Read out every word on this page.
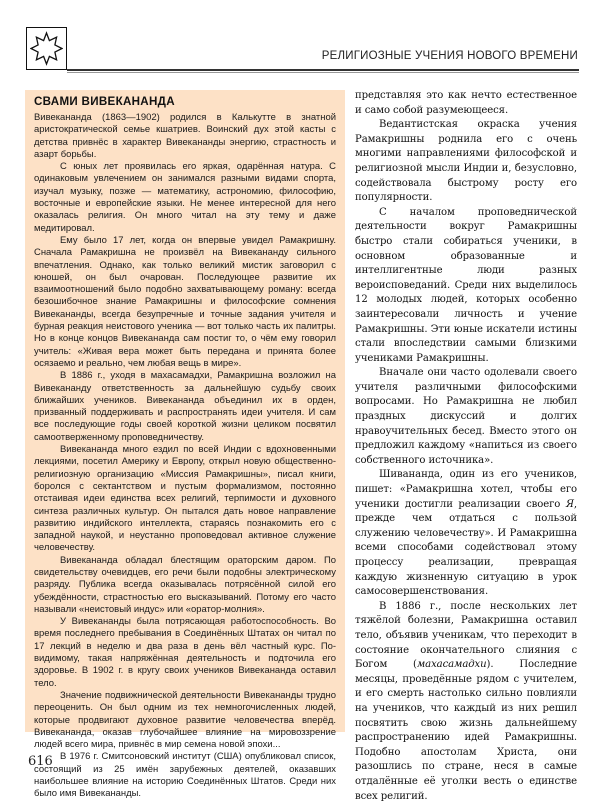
РЕЛИГИОЗНЫЕ УЧЕНИЯ НОВОГО ВРЕМЕНИ
СВАМИ ВИВЕКАНАНДА

Вивекананда (1863—1902) родился в Калькутте в знатной аристократической семье кшатриев. Воинский дух этой касты с детства привнёс в характер Вивекананды энергию, страстность и азарт борьбы.

С юных лет проявилась его яркая, одарённая натура. С одинаковым увлечением он занимался разными видами спорта, изучал музыку, позже — математику, астрономию, философию, восточные и европейские языки. Не менее интересной для него оказалась религия. Он много читал на эту тему и даже медитировал.

Ему было 17 лет, когда он впервые увидел Рамакришну. Сначала Рамакришна не произвёл на Вивекананду сильного впечатления. Однако, как только великий мистик заговорил с юношей, он был очарован. Последующее развитие их взаимоотношений было подобно захватывающему роману: всегда безошибочное знание Рамакришны и философские сомнения Вивекананды, всегда безупречные и точные задания учителя и бурная реакция неистового ученика — вот только часть их палитры. Но в конце концов Вивекананда сам постиг то, о чём ему говорил учитель: «Живая вера может быть передана и принята более осязаемо и реально, чем любая вещь в мире».

В 1886 г., уходя в махасамадхи, Рамакришна возложил на Вивекананду ответственность за дальнейшую судьбу своих ближайших учеников. Вивекананда объединил их в орден, призванный поддерживать и распространять идеи учителя. И сам все последующие годы своей короткой жизни целиком посвятил самоотверженному проповедничеству.

Вивекананда много ездил по всей Индии с вдохновенными лекциями, посетил Америку и Европу, открыл новую общественно-религиозную организацию «Миссия Рамакришны», писал книги, боролся с сектантством и пустым формализмом, постоянно отстаивая идеи единства всех религий, терпимости и духовного синтеза различных культур. Он пытался дать новое направление развитию индийского интеллекта, стараясь познакомить его с западной наукой, и неустанно проповедовал активное служение человечеству.

Вивекананда обладал блестящим ораторским даром. По свидетельству очевидцев, его речи были подобны электрическому разряду. Публика всегда оказывалась потрясённой силой его убеждённости, страстностью его высказываний. Потому его часто называли «неистовый индус» или «оратор-молния».

У Вивекананды была потрясающая работоспособность. Во время последнего пребывания в Соединённых Штатах он читал по 17 лекций в неделю и два раза в день вёл частный курс. По-видимому, такая напряжённая деятельность и подточила его здоровье. В 1902 г. в кругу своих учеников Вивекананда оставил тело.

Значение подвижнической деятельности Вивекананды трудно переоценить. Он был одним из тех немногочисленных людей, которые продвигают духовное развитие человечества вперёд. Вивекананда, оказав глубочайшее влияние на мировоззрение людей всего мира, привнёс в мир семена новой эпохи...

В 1976 г. Смитсоновский институт (США) опубликовал список, состоящий из 25 имён зарубежных деятелей, оказавших наибольшее влияние на историю Соединённых Штатов. Среди них было имя Вивекананды.

представляя это как нечто естественное и само собой разумеющееся.

Ведантистская окраска учения Рамакришны роднила его с очень многими направлениями философской и религиозной мысли Индии и, безусловно, содействовала быстрому росту его популярности.

С началом проповеднической деятельности вокруг Рамакришны быстро стали собираться ученики, в основном образованные и интеллигентные люди разных вероисповеданий. Среди них выделилось 12 молодых людей, которых особенно заинтересовали личность и учение Рамакришны. Эти юные искатели истины стали впоследствии самыми близкими учениками Рамакришны.

Вначале они часто одолевали своего учителя различными философскими вопросами. Но Рамакришна не любил праздных дискуссий и долгих нравоучительных бесед. Вместо этого он предложил каждому «напиться из своего собственного источника».

Шивананда, один из его учеников, пишет: «Рамакришна хотел, чтобы его ученики достигли реализации своего Я, прежде чем отдаться с пользой служению человечеству». И Рамакришна всеми способами содействовал этому процессу реализации, превращая каждую жизненную ситуацию в урок самосовершенствования.

В 1886 г., после нескольких лет тяжёлой болезни, Рамакришна оставил тело, объявив ученикам, что переходит в состояние окончательного слияния с Богом (махасамадхи). Последние месяцы, проведённые рядом с учителем, и его смерть настолько сильно повлияли на учеников, что каждый из них решил посвятить свою жизнь дальнейшему распространению идей Рамакришны. Подобно апостолам Христа, они разошлись по стране, неся в самые отдалённые её уголки весть о единстве всех религий.

616
